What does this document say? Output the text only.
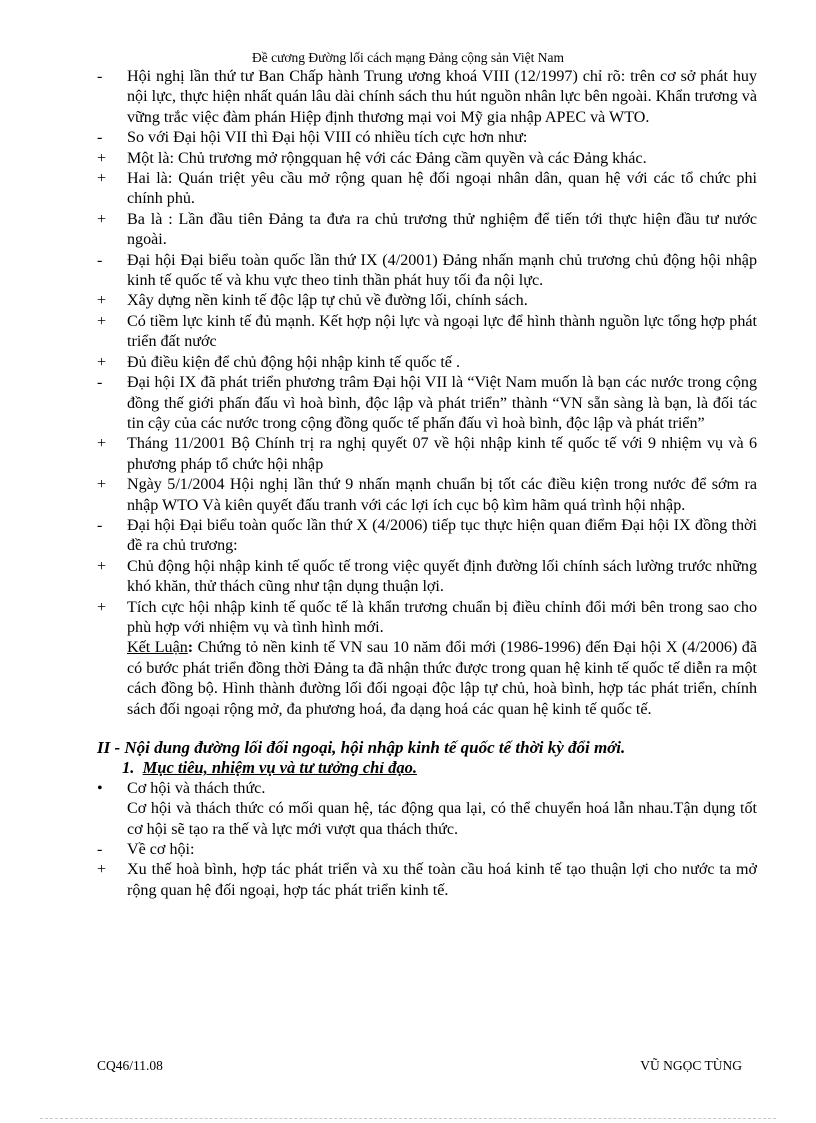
Đề cương Đường lối cách mạng Đảng cộng sản Việt Nam
-	Hội nghị lần thứ tư Ban Chấp hành Trung ương khoá VIII (12/1997) chỉ rõ: trên cơ sở phát huy nội lực, thực hiện nhất quán lâu dài chính sách thu hút nguồn nhân lực bên ngoài. Khẩn trương và vững trắc việc đàm phán Hiệp định thương mại voi Mỹ gia nhập APEC và WTO.
-	So với Đại hội VII thì Đại hội VIII có nhiều tích cực hơn như:
+	Một là: Chủ trương mở rộngquan hệ với các Đảng cầm quyền và các Đảng khác.
+	Hai là: Quán triệt yêu cầu mở rộng quan hệ đối ngoại nhân dân, quan hệ với các tổ chức phi chính phủ.
+	Ba là : Lần đầu tiên Đảng ta đưa ra chủ trương thử nghiệm để tiến tới thực hiện đầu tư nước ngoài.
-	Đại hội Đại biểu toàn quốc lần thứ IX (4/2001) Đảng nhấn mạnh chủ trương chủ động hội nhập kinh tế quốc tế và khu vực theo tinh thần phát huy tối đa nội lực.
+	Xây dựng nền kinh tế độc lập tự chủ về đường lối, chính sách.
+	Có tiềm lực kinh tế đủ mạnh. Kết hợp nội lực và ngoại lực để hình thành nguồn lực tổng hợp phát triển đất nước
+	Đủ điều kiện để chủ động hội nhập kinh tế quốc tế .
-	Đại hội IX đã phát triển phương trâm Đại hội VII là “Việt Nam muốn là bạn các nước trong cộng đồng thế giới phấn đấu vì hoà bình, độc lập và phát triển” thành “VN sẵn sàng là bạn, là đối tác tin cậy của các nước trong cộng đồng quốc tế phấn đấu vì hoà bình, độc lập và phát triển”
+	Tháng 11/2001 Bộ Chính trị ra nghị quyết 07 về hội nhập kinh tế quốc tế với 9 nhiệm vụ và 6 phương pháp tổ chức hội nhập
+	Ngày 5/1/2004 Hội nghị lần thứ 9 nhấn mạnh chuẩn bị tốt các điều kiện trong nước để sớm ra nhập WTO Và kiên quyết đấu tranh với các lợi ích cục bộ kìm hãm quá trình hội nhập.
-	Đại hội Đại biểu toàn quốc lần thứ X (4/2006) tiếp tục thực hiện quan điểm Đại hội IX đồng thời đề ra chủ trương:
+	Chủ động hội nhập kinh tế quốc tế trong việc quyết định đường lối chính sách lường trước những khó khăn, thử thách cũng như tận dụng thuận lợi.
+	Tích cực hội nhập kinh tế quốc tế là khẩn trương chuẩn bị điều chỉnh đổi mới bên trong sao cho phù hợp với nhiệm vụ và tình hình mới.
Kết Luận: Chứng tỏ nền kinh tế VN sau 10 năm đổi mới (1986-1996) đến Đại hội X (4/2006) đã có bước phát triển đồng thời Đảng ta đã nhận thức được trong quan hệ kinh tế quốc tế diễn ra một cách đồng bộ. Hình thành đường lối đối ngoại độc lập tự chủ, hoà bình, hợp tác phát triển, chính sách đối ngoại rộng mở, đa phương hoá, đa dạng hoá các quan hệ kinh tế quốc tế.
II - Nội dung đường lối đối ngoại, hội nhập kinh tế quốc tế thời kỳ đổi mới.
1. Mục tiêu, nhiệm vụ và tư tưởng chỉ đạo.
•	Cơ hội và thách thức.
Cơ hội và thách thức có mối quan hệ, tác động qua lại, có thể chuyển hoá lẫn nhau.Tận dụng tốt cơ hội sẽ tạo ra thế và lực mới vượt qua thách thức.
-	Về cơ hội:
+	Xu thế hoà bình, hợp tác phát triển và xu thế toàn cầu hoá kinh tế tạo thuận lợi cho nước ta mở rộng quan hệ đối ngoại, hợp tác phát triển kinh tế.
CQ46/11.08	VŨ NGỌC TÙNG
